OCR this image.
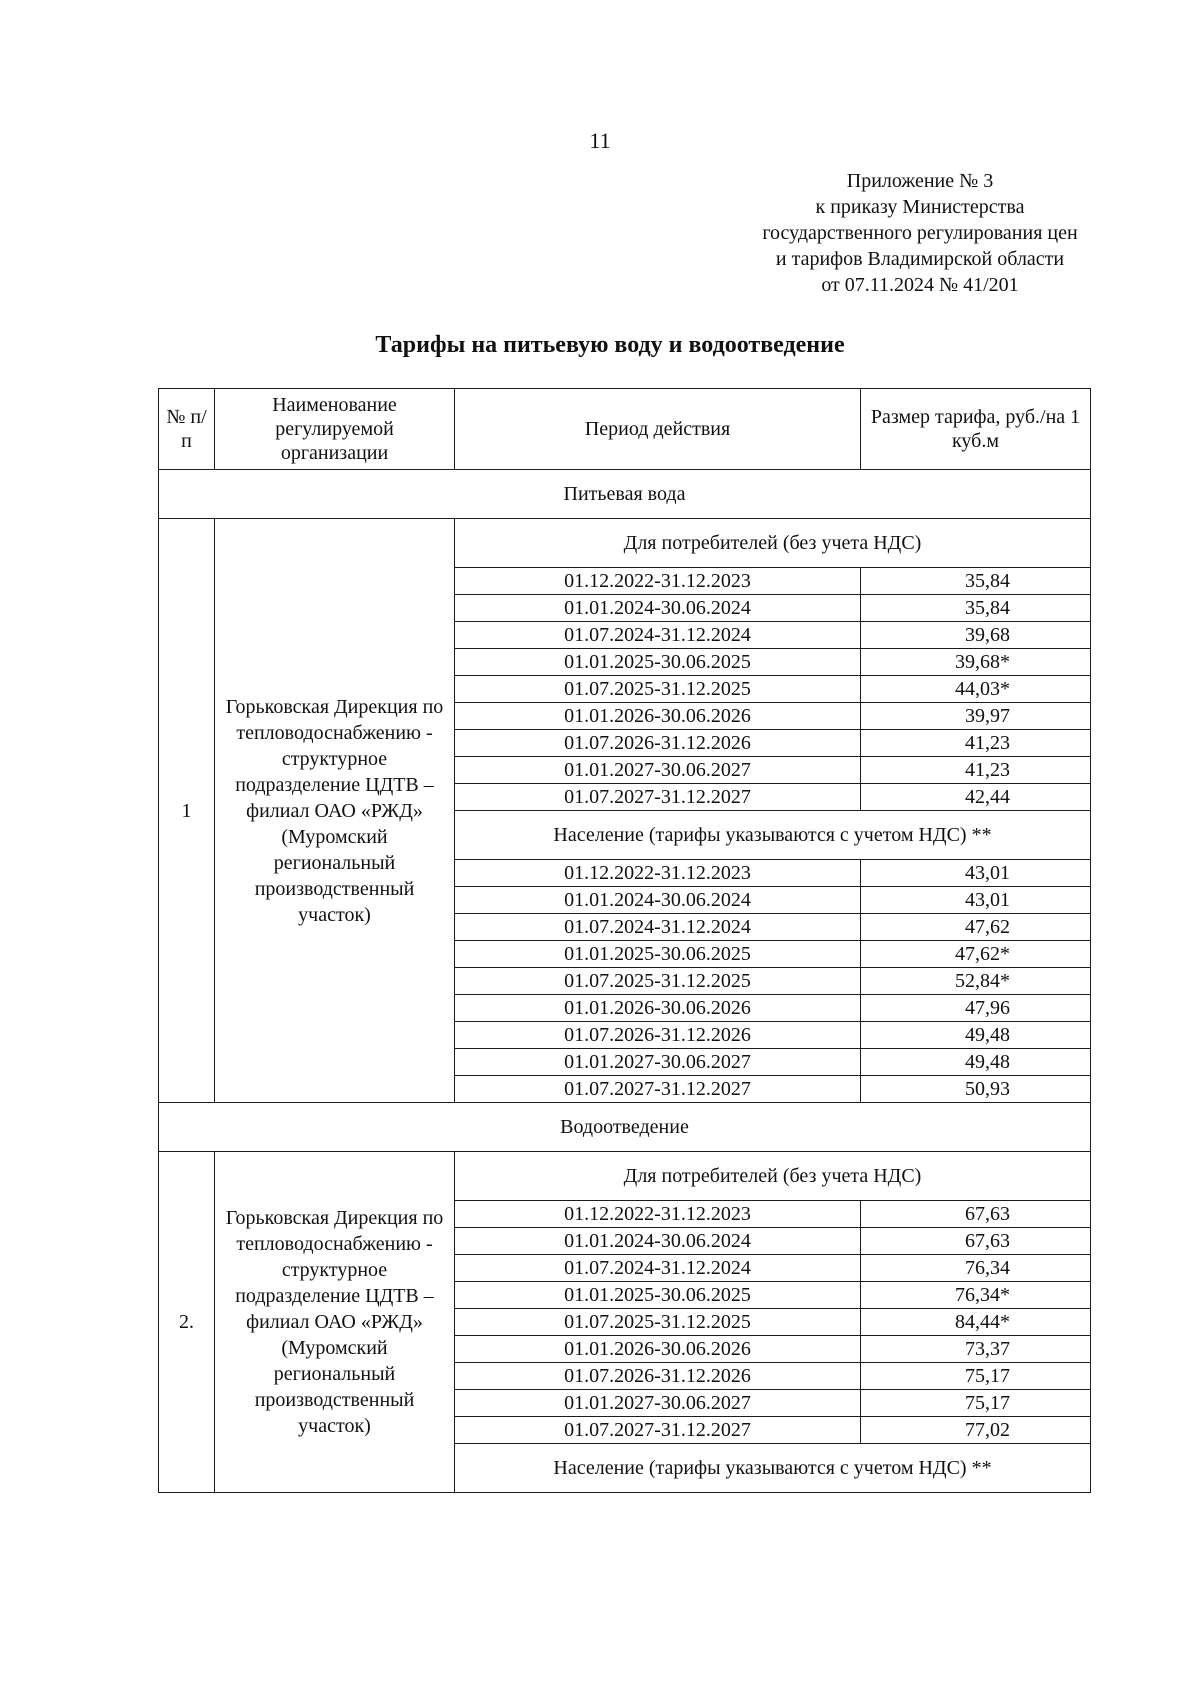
11
Приложение № 3
к приказу Министерства
государственного регулирования цен
и тарифов Владимирской области
от 07.11.2024 № 41/201
Тарифы на питьевую воду и водоотведение
№ п/п	Наименование регулируемой организации	Период действия	Размер тарифа, руб./на 1 куб.м
Питьевая вода			
1	Горьковская Дирекция по тепловодоснабжению - структурное подразделение ЦДТВ – филиал ОАО «РЖД» (Муромский региональный производственный участок)	Для потребителей (без учета НДС)	
		01.12.2022-31.12.2023	35,84
		01.01.2024-30.06.2024	35,84
		01.07.2024-31.12.2024	39,68
		01.01.2025-30.06.2025	39,68*
		01.07.2025-31.12.2025	44,03*
		01.01.2026-30.06.2026	39,97
		01.07.2026-31.12.2026	41,23
		01.01.2027-30.06.2027	41,23
		01.07.2027-31.12.2027	42,44
		Население (тарифы указываются с учетом НДС) **	
		01.12.2022-31.12.2023	43,01
		01.01.2024-30.06.2024	43,01
		01.07.2024-31.12.2024	47,62
		01.01.2025-30.06.2025	47,62*
		01.07.2025-31.12.2025	52,84*
		01.01.2026-30.06.2026	47,96
		01.07.2026-31.12.2026	49,48
		01.01.2027-30.06.2027	49,48
		01.07.2027-31.12.2027	50,93
Водоотведение			
2.	Горьковская Дирекция по тепловодоснабжению - структурное подразделение ЦДТВ – филиал ОАО «РЖД» (Муромский региональный производственный участок)	Для потребителей (без учета НДС)	
		01.12.2022-31.12.2023	67,63
		01.01.2024-30.06.2024	67,63
		01.07.2024-31.12.2024	76,34
		01.01.2025-30.06.2025	76,34*
		01.07.2025-31.12.2025	84,44*
		01.01.2026-30.06.2026	73,37
		01.07.2026-31.12.2026	75,17
		01.01.2027-30.06.2027	75,17
		01.07.2027-31.12.2027	77,02
		Население (тарифы указываются с учетом НДС) **	
